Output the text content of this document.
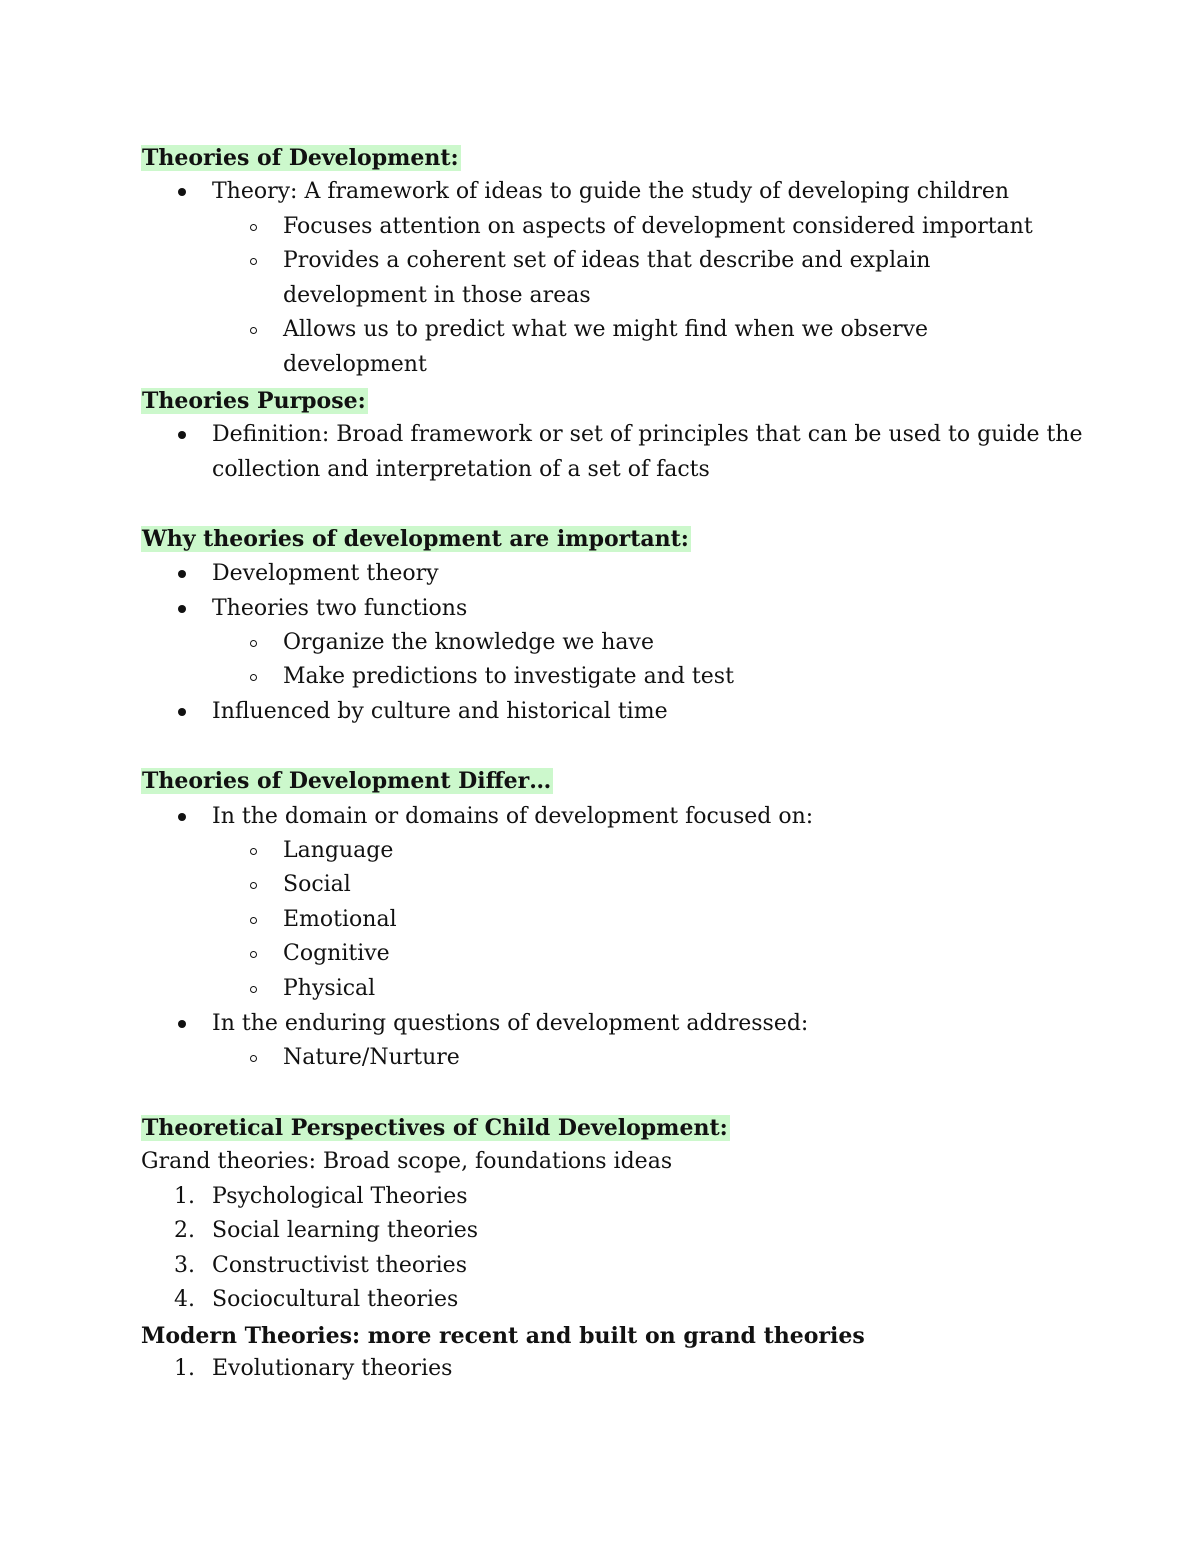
Theories of Development:

Theory: A framework of ideas to guide the study of developing children

Focuses attention on aspects of development considered important

Provides a coherent set of ideas that describe and explain

development in those areas

Allows us to predict what we might find when we observe

development

Theories Purpose:

Definition: Broad framework or set of principles that can be used to guide the

collection and interpretation of a set of facts

Why theories of development are important:

Development theory

Theories two functions

Organize the knowledge we have

Make predictions to investigate and test

Influenced by culture and historical time

Theories of Development Differ…

In the domain or domains of development focused on:

Language

Social

Emotional

Cognitive

Physical

In the enduring questions of development addressed:

Nature/Nurture

Theoretical Perspectives of Child Development:

Grand theories: Broad scope, foundations ideas

1. Psychological Theories

2. Social learning theories

3. Constructivist theories

4. Sociocultural theories

Modern Theories: more recent and built on grand theories

1. Evolutionary theories
